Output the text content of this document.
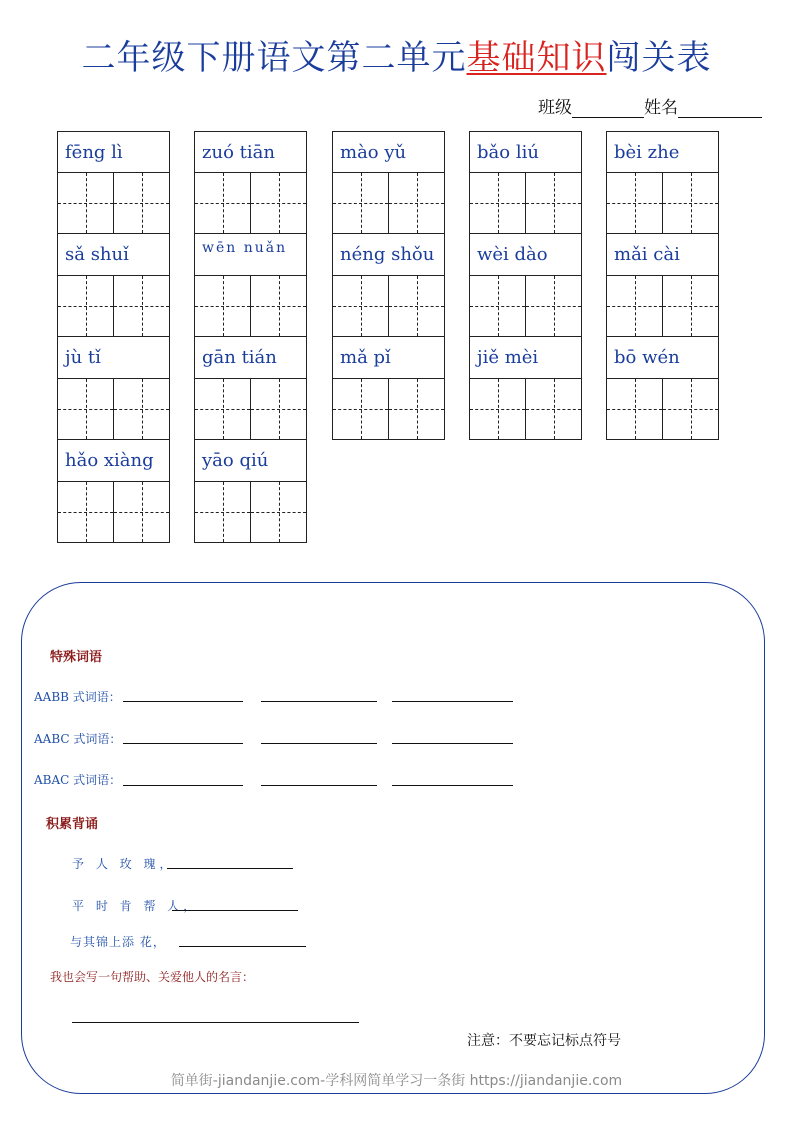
二年级下册语文第二单元基础知识闯关表
班级	姓名
fēng lì
sǎ shuǐ
jù tǐ
hǎo xiàng
zuó tiān
wēn nuǎn
gān tián
yāo qiú
mào yǔ
néng shǒu
mǎ pǐ
bǎo liú
wèi dào
jiě mèi
bèi zhe
mǎi cài
bō wén
特殊词语
AABB 式词语：
AABC 式词语：
ABAC 式词语：
积累背诵
予 人 玫 瑰，
平 时 肯 帮 人，
与其锦上添 花，
我也会写一句帮助、关爱他人的名言：
注意：不要忘记标点符号
简单街-jiandanjie.com-学科网简单学习一条街 https://jiandanjie.com
